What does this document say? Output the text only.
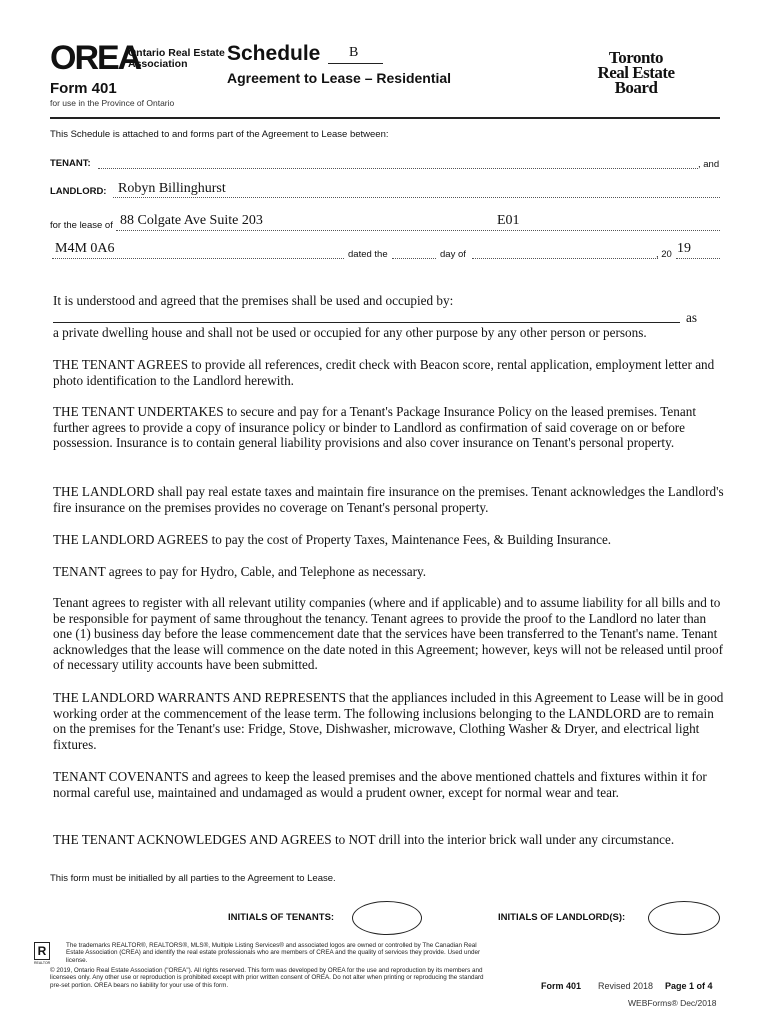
OREA
Ontario Real Estate
Association
Form 401
for use in the Province of Ontario
Schedule B
Agreement to Lease – Residential
Toronto
Real Estate
Board
This Schedule is attached to and forms part of the Agreement to Lease between:
TENANT:	, and
LANDLORD: Robyn Billinghurst
for the lease of 88 Colgate Ave Suite 203	E01
M4M 0A6	dated the	day of	, 20 19

It is understood and agreed that the premises shall be used and occupied by:

as

a private dwelling house and shall not be used or occupied for any other purpose by any other person or persons.

THE TENANT AGREES to provide all references, credit check with Beacon score, rental application, employment letter and photo identification to the Landlord herewith.

THE TENANT UNDERTAKES to secure and pay for a Tenant's Package Insurance Policy on the leased premises. Tenant further agrees to provide a copy of insurance policy or binder to Landlord as confirmation of said coverage on or before possession. Insurance is to contain general liability provisions and also cover insurance on Tenant's personal property.

THE LANDLORD shall pay real estate taxes and maintain fire insurance on the premises. Tenant acknowledges the Landlord's fire insurance on the premises provides no coverage on Tenant's personal property.

THE LANDLORD AGREES to pay the cost of Property Taxes, Maintenance Fees, & Building Insurance.

TENANT agrees to pay for Hydro, Cable, and Telephone as necessary.

Tenant agrees to register with all relevant utility companies (where and if applicable) and to assume liability for all bills and to be responsible for payment of same throughout the tenancy. Tenant agrees to provide the proof to the Landlord no later than one (1) business day before the lease commencement date that the services have been transferred to the Tenant's name. Tenant acknowledges that the lease will commence on the date noted in this Agreement; however, keys will not be released until proof of necessary utility accounts have been submitted.

THE LANDLORD WARRANTS AND REPRESENTS that the appliances included in this Agreement to Lease will be in good working order at the commencement of the lease term. The following inclusions belonging to the LANDLORD are to remain on the premises for the Tenant's use: Fridge, Stove, Dishwasher, microwave, Clothing Washer & Dryer, and electrical light fixtures.

TENANT COVENANTS and agrees to keep the leased premises and the above mentioned chattels and fixtures within it for normal careful use, maintained and undamaged as would a prudent owner, except for normal wear and tear.

THE TENANT ACKNOWLEDGES AND AGREES to NOT drill into the interior brick wall under any circumstance.

This form must be initialled by all parties to the Agreement to Lease.
INITIALS OF TENANTS:	INITIALS OF LANDLORD(S):
R
REALTOR
The trademarks REALTOR®, REALTORS®, MLS®, Multiple Listing Services® and associated logos are owned or controlled by The Canadian Real Estate Association (CREA) and identify the real estate professionals who are members of CREA and the quality of services they provide. Used under license.
© 2019, Ontario Real Estate Association ("OREA"). All rights reserved. This form was developed by OREA for the use and reproduction by its members and licensees only. Any other use or reproduction is prohibited except with prior written consent of OREA. Do not alter when printing or reproducing the standard pre-set portion. OREA bears no liability for your use of this form.	Form 401 Revised 2018 Page 1 of 4
WEBForms® Dec/2018
